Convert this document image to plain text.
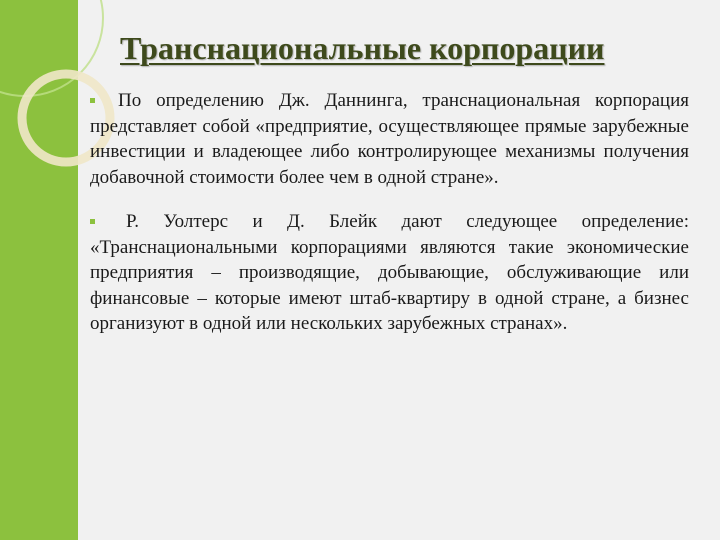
Транснациональные корпорации

По определению Дж. Даннинга, транснациональная корпорация представляет собой «предприятие, осуществляющее прямые зарубежные инвестиции и владеющее либо контролирующее механизмы получения добавочной стоимости более чем в одной стране».

Р. Уолтерс и Д. Блейк дают следующее определение: «Транснациональными корпорациями являются такие экономические предприятия – производящие, добывающие, обслуживающие или финансовые – которые имеют штаб-квартиру в одной стране, а бизнес организуют в одной или нескольких зарубежных странах».
